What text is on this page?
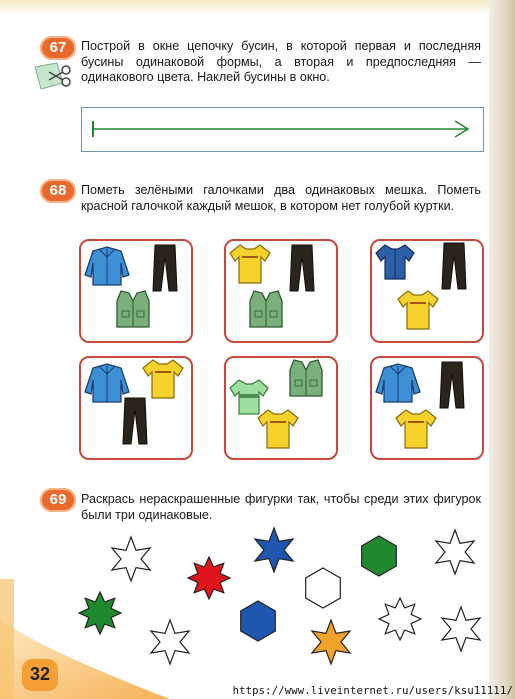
67	Построй в окне цепочку бусин, в которой первая и последняя бусины одинаковой формы, а вторая и предпоследняя — одинакового цвета. Наклей бусины в окно.
68	Пометь зелёными галочками два одинаковых мешка. Пометь красной галочкой каждый мешок, в котором нет голубой куртки.
69	Раскрась нераскрашенные фигурки так, чтобы среди этих фигурок были три одинаковые.
32
https://www.liveinternet.ru/users/ksu11111/
